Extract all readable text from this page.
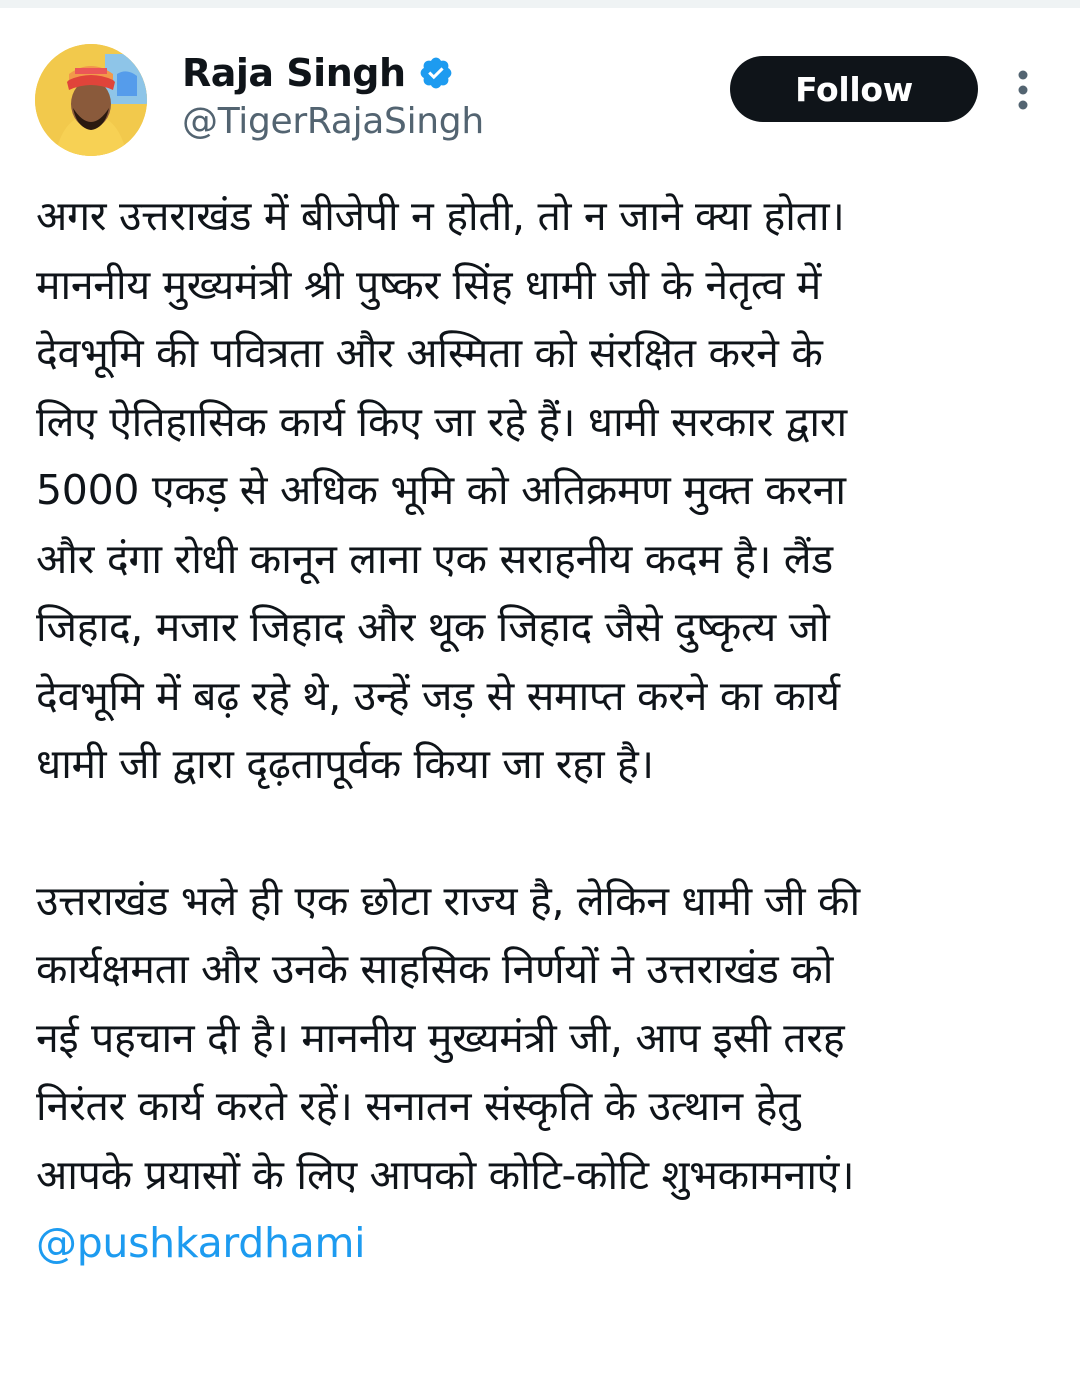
Raja Singh
@TigerRajaSingh
Follow

अगर उत्तराखंड में बीजेपी न होती, तो न जाने क्या होता।
माननीय मुख्यमंत्री श्री पुष्कर सिंह धामी जी के नेतृत्व में
देवभूमि की पवित्रता और अस्मिता को संरक्षित करने के
लिए ऐतिहासिक कार्य किए जा रहे हैं। धामी सरकार द्वारा
5000 एकड़ से अधिक भूमि को अतिक्रमण मुक्त करना
और दंगा रोधी कानून लाना एक सराहनीय कदम है। लैंड
जिहाद, मजार जिहाद और थूक जिहाद जैसे दुष्कृत्य जो
देवभूमि में बढ़ रहे थे, उन्हें जड़ से समाप्त करने का कार्य
धामी जी द्वारा दृढ़तापूर्वक किया जा रहा है।

उत्तराखंड भले ही एक छोटा राज्य है, लेकिन धामी जी की
कार्यक्षमता और उनके साहसिक निर्णयों ने उत्तराखंड को
नई पहचान दी है। माननीय मुख्यमंत्री जी, आप इसी तरह
निरंतर कार्य करते रहें। सनातन संस्कृति के उत्थान हेतु
आपके प्रयासों के लिए आपको कोटि-कोटि शुभकामनाएं।
@pushkardhami
